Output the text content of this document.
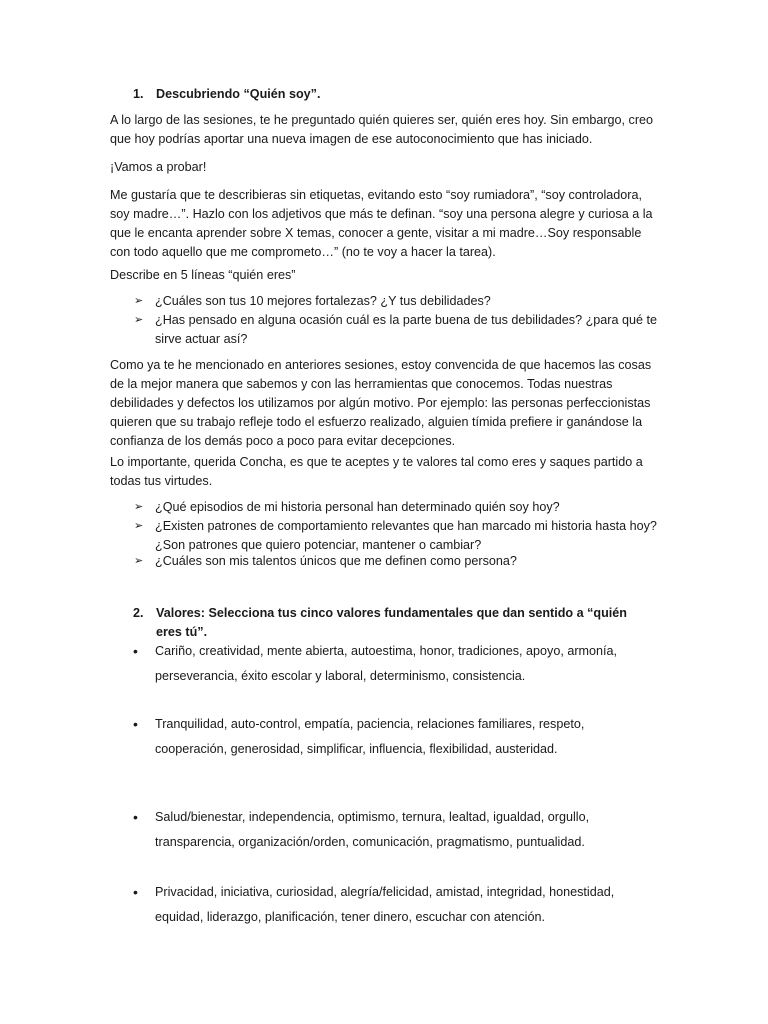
1. Descubriendo “Quién soy”.

A lo largo de las sesiones, te he preguntado quién quieres ser, quién eres hoy. Sin embargo, creo que hoy podrías aportar una nueva imagen de ese autoconocimiento que has iniciado.

¡Vamos a probar!

Me gustaría que te describieras sin etiquetas, evitando esto “soy rumiadora”, “soy controladora, soy madre…”. Hazlo con los adjetivos que más te definan. “soy una persona alegre y curiosa a la que le encanta aprender sobre X temas, conocer a gente, visitar a mi madre…Soy responsable con todo aquello que me comprometo…” (no te voy a hacer la tarea).

Describe en 5 líneas “quién eres”

➢ ¿Cuáles son tus 10 mejores fortalezas? ¿Y tus debilidades?
➢ ¿Has pensado en alguna ocasión cuál es la parte buena de tus debilidades? ¿para qué te sirve actuar así?

Como ya te he mencionado en anteriores sesiones, estoy convencida de que hacemos las cosas de la mejor manera que sabemos y con las herramientas que conocemos. Todas nuestras debilidades y defectos los utilizamos por algún motivo. Por ejemplo: las personas perfeccionistas quieren que su trabajo refleje todo el esfuerzo realizado, alguien tímida prefiere ir ganándose la confianza de los demás poco a poco para evitar decepciones.

Lo importante, querida Concha, es que te aceptes y te valores tal como eres y saques partido a todas tus virtudes.

➢ ¿Qué episodios de mi historia personal han determinado quién soy hoy?
➢ ¿Existen patrones de comportamiento relevantes que han marcado mi historia hasta hoy? ¿Son patrones que quiero potenciar, mantener o cambiar?
➢ ¿Cuáles son mis talentos únicos que me definen como persona?
2. Valores: Selecciona tus cinco valores fundamentales que dan sentido a “quién eres tú”.
• Cariño, creatividad, mente abierta, autoestima, honor, tradiciones, apoyo, armonía,
perseverancia, éxito escolar y laboral, determinismo, consistencia.
• Tranquilidad, auto-control, empatía, paciencia, relaciones familiares, respeto,
cooperación, generosidad, simplificar, influencia, flexibilidad, austeridad.
• Salud/bienestar, independencia, optimismo, ternura, lealtad, igualdad, orgullo,
transparencia, organización/orden, comunicación, pragmatismo, puntualidad.
• Privacidad, iniciativa, curiosidad, alegría/felicidad, amistad, integridad, honestidad,
equidad, liderazgo, planificación, tener dinero, escuchar con atención.
